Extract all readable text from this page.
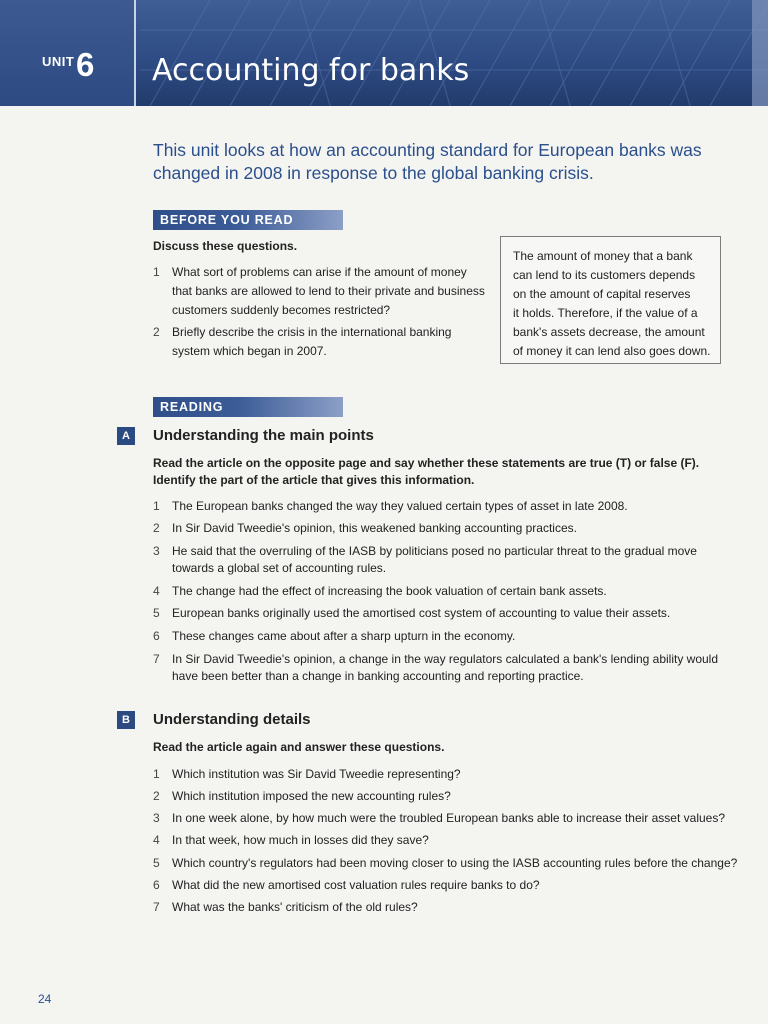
UNIT 6 Accounting for banks
This unit looks at how an accounting standard for European banks was changed in 2008 in response to the global banking crisis.
BEFORE YOU READ
Discuss these questions.
1	What sort of problems can arise if the amount of money
that banks are allowed to lend to their private and business
customers suddenly becomes restricted?
2	Briefly describe the crisis in the international banking
system which began in 2007.
The amount of money that a bank
can lend to its customers depends
on the amount of capital reserves
it holds. Therefore, if the value of a
bank's assets decrease, the amount
of money it can lend also goes down.
READING
A	Understanding the main points
Read the article on the opposite page and say whether these statements are true (T) or false (F).
Identify the part of the article that gives this information.
1	The European banks changed the way they valued certain types of asset in late 2008.
2	In Sir David Tweedie's opinion, this weakened banking accounting practices.
3	He said that the overruling of the IASB by politicians posed no particular threat to the gradual move
towards a global set of accounting rules.
4	The change had the effect of increasing the book valuation of certain bank assets.
5	European banks originally used the amortised cost system of accounting to value their assets.
6	These changes came about after a sharp upturn in the economy.
7	In Sir David Tweedie's opinion, a change in the way regulators calculated a bank's lending ability would
have been better than a change in banking accounting and reporting practice.
B	Understanding details
Read the article again and answer these questions.
1	Which institution was Sir David Tweedie representing?
2	Which institution imposed the new accounting rules?
3	In one week alone, by how much were the troubled European banks able to increase their asset values?
4	In that week, how much in losses did they save?
5	Which country's regulators had been moving closer to using the IASB accounting rules before the change?
6	What did the new amortised cost valuation rules require banks to do?
7	What was the banks' criticism of the old rules?
24
